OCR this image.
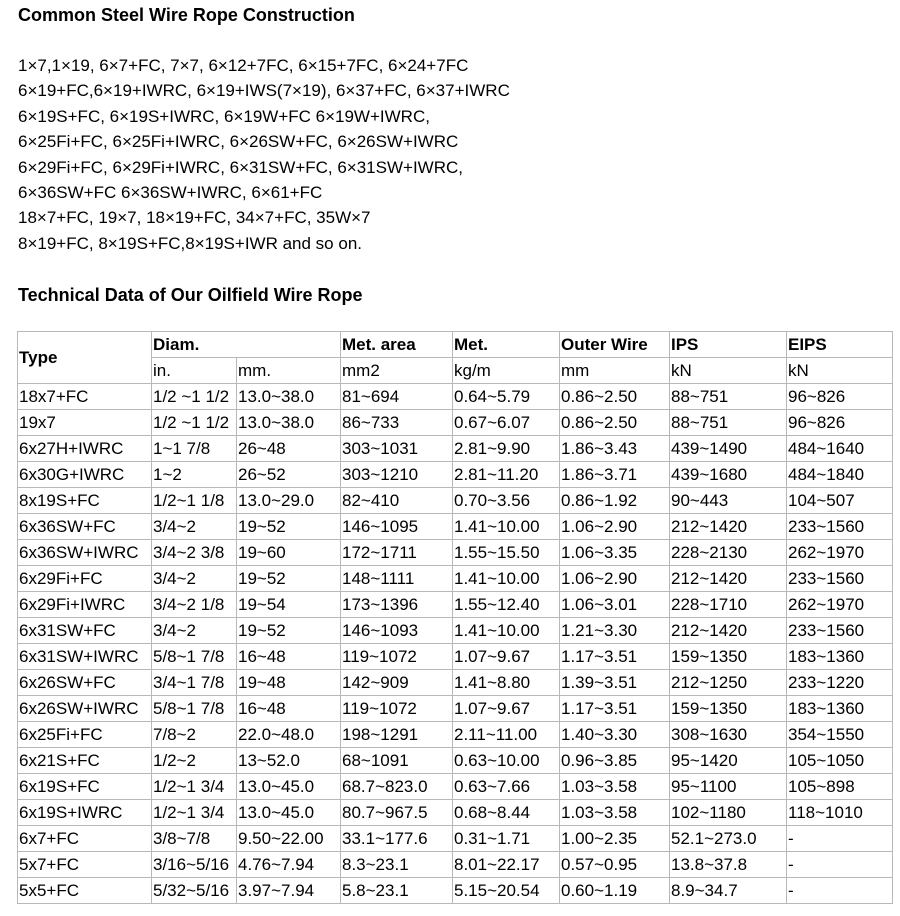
Common Steel Wire Rope Construction
1×7,1×19, 6×7+FC, 7×7, 6×12+7FC, 6×15+7FC, 6×24+7FC
6×19+FC,6×19+IWRC, 6×19+IWS(7×19), 6×37+FC, 6×37+IWRC
6×19S+FC, 6×19S+IWRC, 6×19W+FC 6×19W+IWRC,
6×25Fi+FC, 6×25Fi+IWRC, 6×26SW+FC, 6×26SW+IWRC
6×29Fi+FC, 6×29Fi+IWRC, 6×31SW+FC, 6×31SW+IWRC,
6×36SW+FC 6×36SW+IWRC, 6×61+FC
18×7+FC, 19×7, 18×19+FC, 34×7+FC, 35W×7
8×19+FC, 8×19S+FC,8×19S+IWR and so on.
Technical Data of Our Oilfield Wire Rope
Type	Diam.		Met. area	Met.	Outer Wire	IPS	EIPS
	in.	mm.	mm2	kg/m	mm	kN	kN
18x7+FC	1/2 ~1 1/2	13.0~38.0	81~694	0.64~5.79	0.86~2.50	88~751	96~826
19x7	1/2 ~1 1/2	13.0~38.0	86~733	0.67~6.07	0.86~2.50	88~751	96~826
6x27H+IWRC	1~1 7/8	26~48	303~1031	2.81~9.90	1.86~3.43	439~1490	484~1640
6x30G+IWRC	1~2	26~52	303~1210	2.81~11.20	1.86~3.71	439~1680	484~1840
8x19S+FC	1/2~1 1/8	13.0~29.0	82~410	0.70~3.56	0.86~1.92	90~443	104~507
6x36SW+FC	3/4~2	19~52	146~1095	1.41~10.00	1.06~2.90	212~1420	233~1560
6x36SW+IWRC	3/4~2 3/8	19~60	172~1711	1.55~15.50	1.06~3.35	228~2130	262~1970
6x29Fi+FC	3/4~2	19~52	148~1111	1.41~10.00	1.06~2.90	212~1420	233~1560
6x29Fi+IWRC	3/4~2 1/8	19~54	173~1396	1.55~12.40	1.06~3.01	228~1710	262~1970
6x31SW+FC	3/4~2	19~52	146~1093	1.41~10.00	1.21~3.30	212~1420	233~1560
6x31SW+IWRC	5/8~1 7/8	16~48	119~1072	1.07~9.67	1.17~3.51	159~1350	183~1360
6x26SW+FC	3/4~1 7/8	19~48	142~909	1.41~8.80	1.39~3.51	212~1250	233~1220
6x26SW+IWRC	5/8~1 7/8	16~48	119~1072	1.07~9.67	1.17~3.51	159~1350	183~1360
6x25Fi+FC	7/8~2	22.0~48.0	198~1291	2.11~11.00	1.40~3.30	308~1630	354~1550
6x21S+FC	1/2~2	13~52.0	68~1091	0.63~10.00	0.96~3.85	95~1420	105~1050
6x19S+FC	1/2~1 3/4	13.0~45.0	68.7~823.0	0.63~7.66	1.03~3.58	95~1100	105~898
6x19S+IWRC	1/2~1 3/4	13.0~45.0	80.7~967.5	0.68~8.44	1.03~3.58	102~1180	118~1010
6x7+FC	3/8~7/8	9.50~22.00	33.1~177.6	0.31~1.71	1.00~2.35	52.1~273.0	-
5x7+FC	3/16~5/16	4.76~7.94	8.3~23.1	8.01~22.17	0.57~0.95	13.8~37.8	-
5x5+FC	5/32~5/16	3.97~7.94	5.8~23.1	5.15~20.54	0.60~1.19	8.9~34.7	-
